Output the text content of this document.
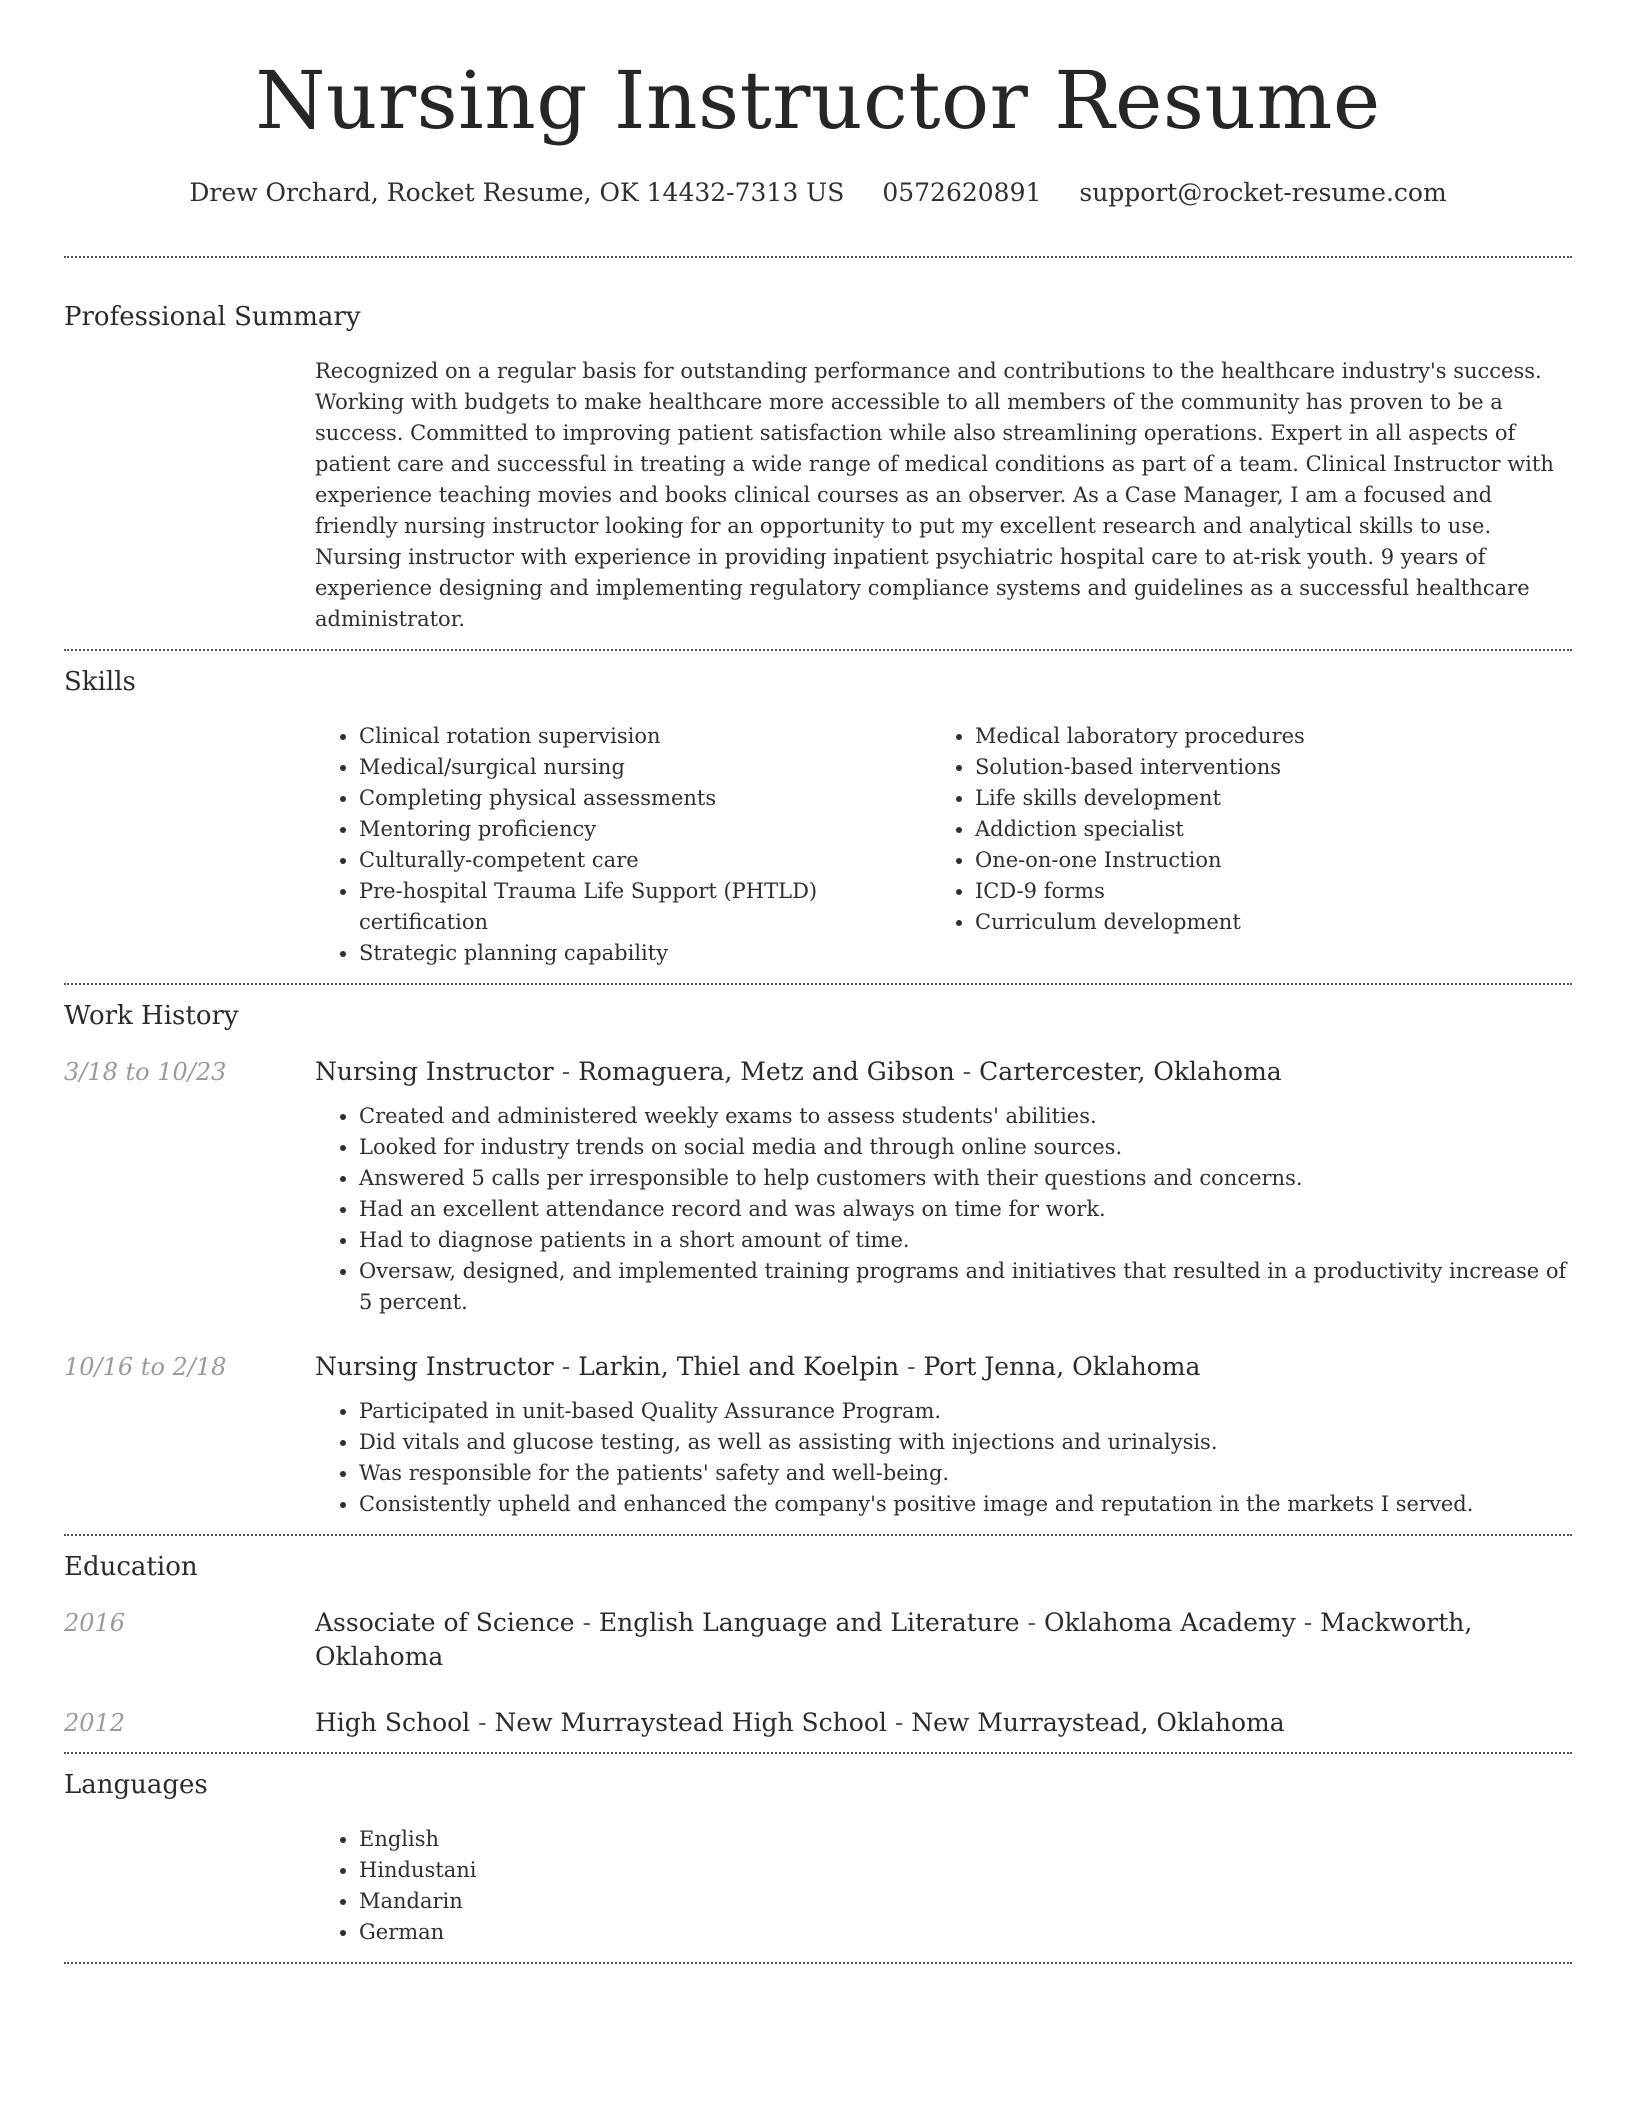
Nursing Instructor Resume
Drew Orchard, Rocket Resume, OK 14432-7313 US 0572620891 support@rocket-resume.com
Professional Summary
Recognized on a regular basis for outstanding performance and contributions to the healthcare industry's success. Working with budgets to make healthcare more accessible to all members of the community has proven to be a success. Committed to improving patient satisfaction while also streamlining operations. Expert in all aspects of patient care and successful in treating a wide range of medical conditions as part of a team. Clinical Instructor with experience teaching movies and books clinical courses as an observer. As a Case Manager, I am a focused and friendly nursing instructor looking for an opportunity to put my excellent research and analytical skills to use. Nursing instructor with experience in providing inpatient psychiatric hospital care to at-risk youth. 9 years of experience designing and implementing regulatory compliance systems and guidelines as a successful healthcare administrator.
Skills
• Clinical rotation supervision
• Medical/surgical nursing
• Completing physical assessments
• Mentoring proficiency
• Culturally-competent care
• Pre-hospital Trauma Life Support (PHTLD) certification
• Strategic planning capability
• Medical laboratory procedures
• Solution-based interventions
• Life skills development
• Addiction specialist
• One-on-one Instruction
• ICD-9 forms
• Curriculum development
Work History
3/18 to 10/23	Nursing Instructor - Romaguera, Metz and Gibson - Cartercester, Oklahoma
• Created and administered weekly exams to assess students' abilities.
• Looked for industry trends on social media and through online sources.
• Answered 5 calls per irresponsible to help customers with their questions and concerns.
• Had an excellent attendance record and was always on time for work.
• Had to diagnose patients in a short amount of time.
• Oversaw, designed, and implemented training programs and initiatives that resulted in a productivity increase of 5 percent.
10/16 to 2/18	Nursing Instructor - Larkin, Thiel and Koelpin - Port Jenna, Oklahoma
• Participated in unit-based Quality Assurance Program.
• Did vitals and glucose testing, as well as assisting with injections and urinalysis.
• Was responsible for the patients' safety and well-being.
• Consistently upheld and enhanced the company's positive image and reputation in the markets I served.
Education
2016	Associate of Science - English Language and Literature - Oklahoma Academy - Mackworth, Oklahoma
2012	High School - New Murraystead High School - New Murraystead, Oklahoma
Languages
• English
• Hindustani
• Mandarin
• German
